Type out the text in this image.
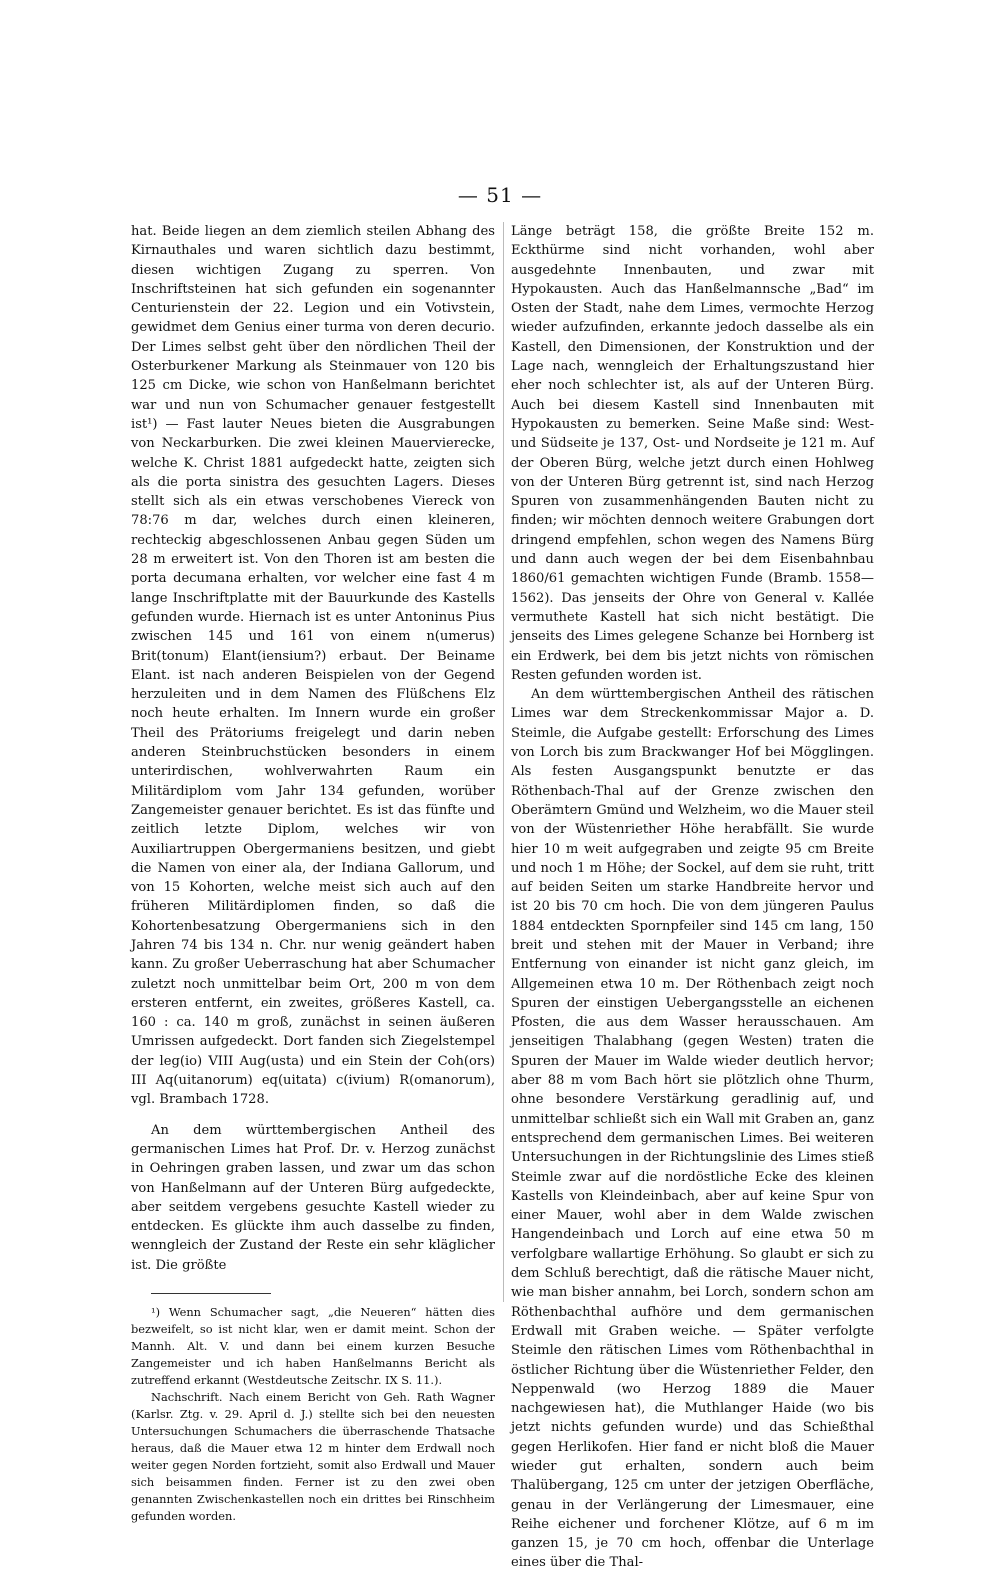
— 51 —

hat. Beide liegen an dem ziemlich steilen Abhang des Kirnauthales und waren sichtlich dazu bestimmt, diesen wichtigen Zugang zu sperren. Von Inschriftsteinen hat sich gefunden ein sogenannter Centurienstein der 22. Legion und ein Votivstein, gewidmet dem Genius einer turma von deren decurio. Der Limes selbst geht über den nördlichen Theil der Osterburkener Markung als Steinmauer von 120 bis 125 cm Dicke, wie schon von Hanßelmann berichtet war und nun von Schumacher genauer festgestellt ist¹) — Fast lauter Neues bieten die Ausgrabungen von Neckarburken. Die zwei kleinen Mauervierecke, welche K. Christ 1881 aufgedeckt hatte, zeigten sich als die porta sinistra des gesuchten Lagers. Dieses stellt sich als ein etwas verschobenes Viereck von 78:76 m dar, welches durch einen kleineren, rechteckig abgeschlossenen Anbau gegen Süden um 28 m erweitert ist. Von den Thoren ist am besten die porta decumana erhalten, vor welcher eine fast 4 m lange Inschriftplatte mit der Bauurkunde des Kastells gefunden wurde. Hiernach ist es unter Antoninus Pius zwischen 145 und 161 von einem n(umerus) Brit(tonum) Elant(iensium?) erbaut. Der Beiname Elant. ist nach anderen Beispielen von der Gegend herzuleiten und in dem Namen des Flüßchens Elz noch heute erhalten. Im Innern wurde ein großer Theil des Prätoriums freigelegt und darin neben anderen Steinbruchstücken besonders in einem unterirdischen, wohlverwahrten Raum ein Militärdiplom vom Jahr 134 gefunden, worüber Zangemeister genauer berichtet. Es ist das fünfte und zeitlich letzte Diplom, welches wir von Auxiliartruppen Obergermaniens besitzen, und giebt die Namen von einer ala, der Indiana Gallorum, und von 15 Kohorten, welche meist sich auch auf den früheren Militärdiplomen finden, so daß die Kohortenbesatzung Obergermaniens sich in den Jahren 74 bis 134 n. Chr. nur wenig geändert haben kann. Zu großer Ueberraschung hat aber Schumacher zuletzt noch unmittelbar beim Ort, 200 m von dem ersteren entfernt, ein zweites, größeres Kastell, ca. 160 : ca. 140 m groß, zunächst in seinen äußeren Umrissen aufgedeckt. Dort fanden sich Ziegelstempel der leg(io) VIII Aug(usta) und ein Stein der Coh(ors) III Aq(uitanorum) eq(uitata) c(ivium) R(omanorum), vgl. Brambach 1728.

An dem württembergischen Antheil des germanischen Limes hat Prof. Dr. v. Herzog zunächst in Oehringen graben lassen, und zwar um das schon von Hanßelmann auf der Unteren Bürg aufgedeckte, aber seitdem vergebens gesuchte Kastell wieder zu entdecken. Es glückte ihm auch dasselbe zu finden, wenngleich der Zustand der Reste ein sehr kläglicher ist. Die größte

¹) Wenn Schumacher sagt, „die Neueren“ hätten dies bezweifelt, so ist nicht klar, wen er damit meint. Schon der Mannh. Alt. V. und dann bei einem kurzen Besuche Zangemeister und ich haben Hanßelmanns Bericht als zutreffend erkannt (Westdeutsche Zeitschr. IX S. 11.).

Nachschrift. Nach einem Bericht von Geh. Rath Wagner (Karlsr. Ztg. v. 29. April d. J.) stellte sich bei den neuesten Untersuchungen Schumachers die überraschende Thatsache heraus, daß die Mauer etwa 12 m hinter dem Erdwall noch weiter gegen Norden fortzieht, somit also Erdwall und Mauer sich beisammen finden. Ferner ist zu den zwei oben genannten Zwischenkastellen noch ein drittes bei Rinschheim gefunden worden.

Länge beträgt 158, die größte Breite 152 m. Eckthürme sind nicht vorhanden, wohl aber ausgedehnte Innenbauten, und zwar mit Hypokausten. Auch das Hanßelmannsche „Bad“ im Osten der Stadt, nahe dem Limes, vermochte Herzog wieder aufzufinden, erkannte jedoch dasselbe als ein Kastell, den Dimensionen, der Konstruktion und der Lage nach, wenngleich der Erhaltungszustand hier eher noch schlechter ist, als auf der Unteren Bürg. Auch bei diesem Kastell sind Innenbauten mit Hypokausten zu bemerken. Seine Maße sind: West- und Südseite je 137, Ost- und Nordseite je 121 m. Auf der Oberen Bürg, welche jetzt durch einen Hohlweg von der Unteren Bürg getrennt ist, sind nach Herzog Spuren von zusammenhängenden Bauten nicht zu finden; wir möchten dennoch weitere Grabungen dort dringend empfehlen, schon wegen des Namens Bürg und dann auch wegen der bei dem Eisenbahnbau 1860/61 gemachten wichtigen Funde (Bramb. 1558—1562). Das jenseits der Ohre von General v. Kallée vermuthete Kastell hat sich nicht bestätigt. Die jenseits des Limes gelegene Schanze bei Hornberg ist ein Erdwerk, bei dem bis jetzt nichts von römischen Resten gefunden worden ist.

An dem württembergischen Antheil des rätischen Limes war dem Streckenkommissar Major a. D. Steimle, die Aufgabe gestellt: Erforschung des Limes von Lorch bis zum Brackwanger Hof bei Mögglingen. Als festen Ausgangspunkt benutzte er das Röthenbach-Thal auf der Grenze zwischen den Oberämtern Gmünd und Welzheim, wo die Mauer steil von der Wüstenriether Höhe herabfällt. Sie wurde hier 10 m weit aufgegraben und zeigte 95 cm Breite und noch 1 m Höhe; der Sockel, auf dem sie ruht, tritt auf beiden Seiten um starke Handbreite hervor und ist 20 bis 70 cm hoch. Die von dem jüngeren Paulus 1884 entdeckten Spornpfeiler sind 145 cm lang, 150 breit und stehen mit der Mauer in Verband; ihre Entfernung von einander ist nicht ganz gleich, im Allgemeinen etwa 10 m. Der Röthenbach zeigt noch Spuren der einstigen Uebergangsstelle an eichenen Pfosten, die aus dem Wasser herausschauen. Am jenseitigen Thalabhang (gegen Westen) traten die Spuren der Mauer im Walde wieder deutlich hervor; aber 88 m vom Bach hört sie plötzlich ohne Thurm, ohne besondere Verstärkung geradlinig auf, und unmittelbar schließt sich ein Wall mit Graben an, ganz entsprechend dem germanischen Limes. Bei weiteren Untersuchungen in der Richtungslinie des Limes stieß Steimle zwar auf die nordöstliche Ecke des kleinen Kastells von Kleindeinbach, aber auf keine Spur von einer Mauer, wohl aber in dem Walde zwischen Hangendeinbach und Lorch auf eine etwa 50 m verfolgbare wallartige Erhöhung. So glaubt er sich zu dem Schluß berechtigt, daß die rätische Mauer nicht, wie man bisher annahm, bei Lorch, sondern schon am Röthenbachthal aufhöre und dem germanischen Erdwall mit Graben weiche. — Später verfolgte Steimle den rätischen Limes vom Röthenbachthal in östlicher Richtung über die Wüstenriether Felder, den Neppenwald (wo Herzog 1889 die Mauer nachgewiesen hat), die Muthlanger Haide (wo bis jetzt nichts gefunden wurde) und das Schießthal gegen Herlikofen. Hier fand er nicht bloß die Mauer wieder gut erhalten, sondern auch beim Thalübergang, 125 cm unter der jetzigen Oberfläche, genau in der Verlängerung der Limesmauer, eine Reihe eichener und forchener Klötze, auf 6 m im ganzen 15, je 70 cm hoch, offenbar die Unterlage eines über die Thal-
